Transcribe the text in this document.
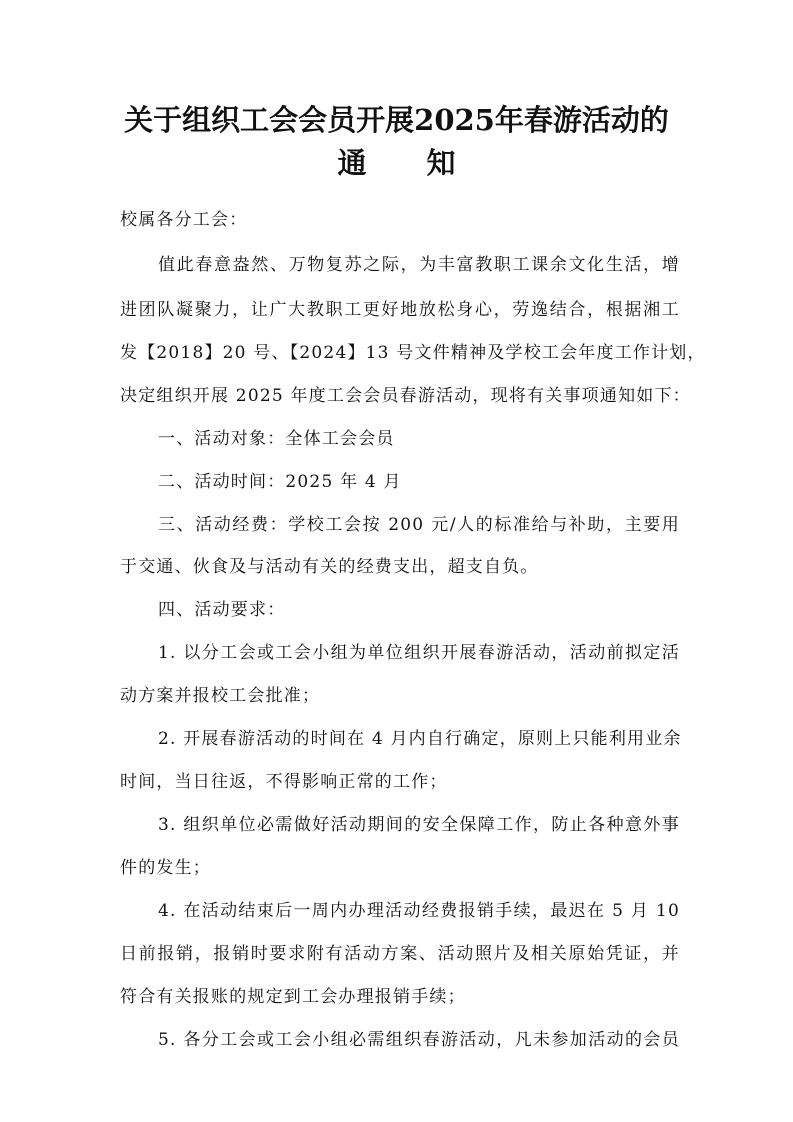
关于组织工会会员开展2025年春游活动的
通知
校属各分工会：
值此春意盎然、万物复苏之际，为丰富教职工课余文化生活，增
进团队凝聚力，让广大教职工更好地放松身心，劳逸结合，根据湘工
发【2018】20 号、【2024】13 号文件精神及学校工会年度工作计划，
决定组织开展 2025 年度工会会员春游活动，现将有关事项通知如下：
一、活动对象：全体工会会员
二、活动时间：2025 年 4 月
三、活动经费：学校工会按 200 元/人的标准给与补助，主要用
于交通、伙食及与活动有关的经费支出，超支自负。
四、活动要求：
1. 以分工会或工会小组为单位组织开展春游活动，活动前拟定活
动方案并报校工会批准；
2. 开展春游活动的时间在 4 月内自行确定，原则上只能利用业余
时间，当日往返，不得影响正常的工作；
3. 组织单位必需做好活动期间的安全保障工作，防止各种意外事
件的发生；
4. 在活动结束后一周内办理活动经费报销手续，最迟在 5 月 10
日前报销，报销时要求附有活动方案、活动照片及相关原始凭证，并
符合有关报账的规定到工会办理报销手续；
5. 各分工会或工会小组必需组织春游活动，凡未参加活动的会员
